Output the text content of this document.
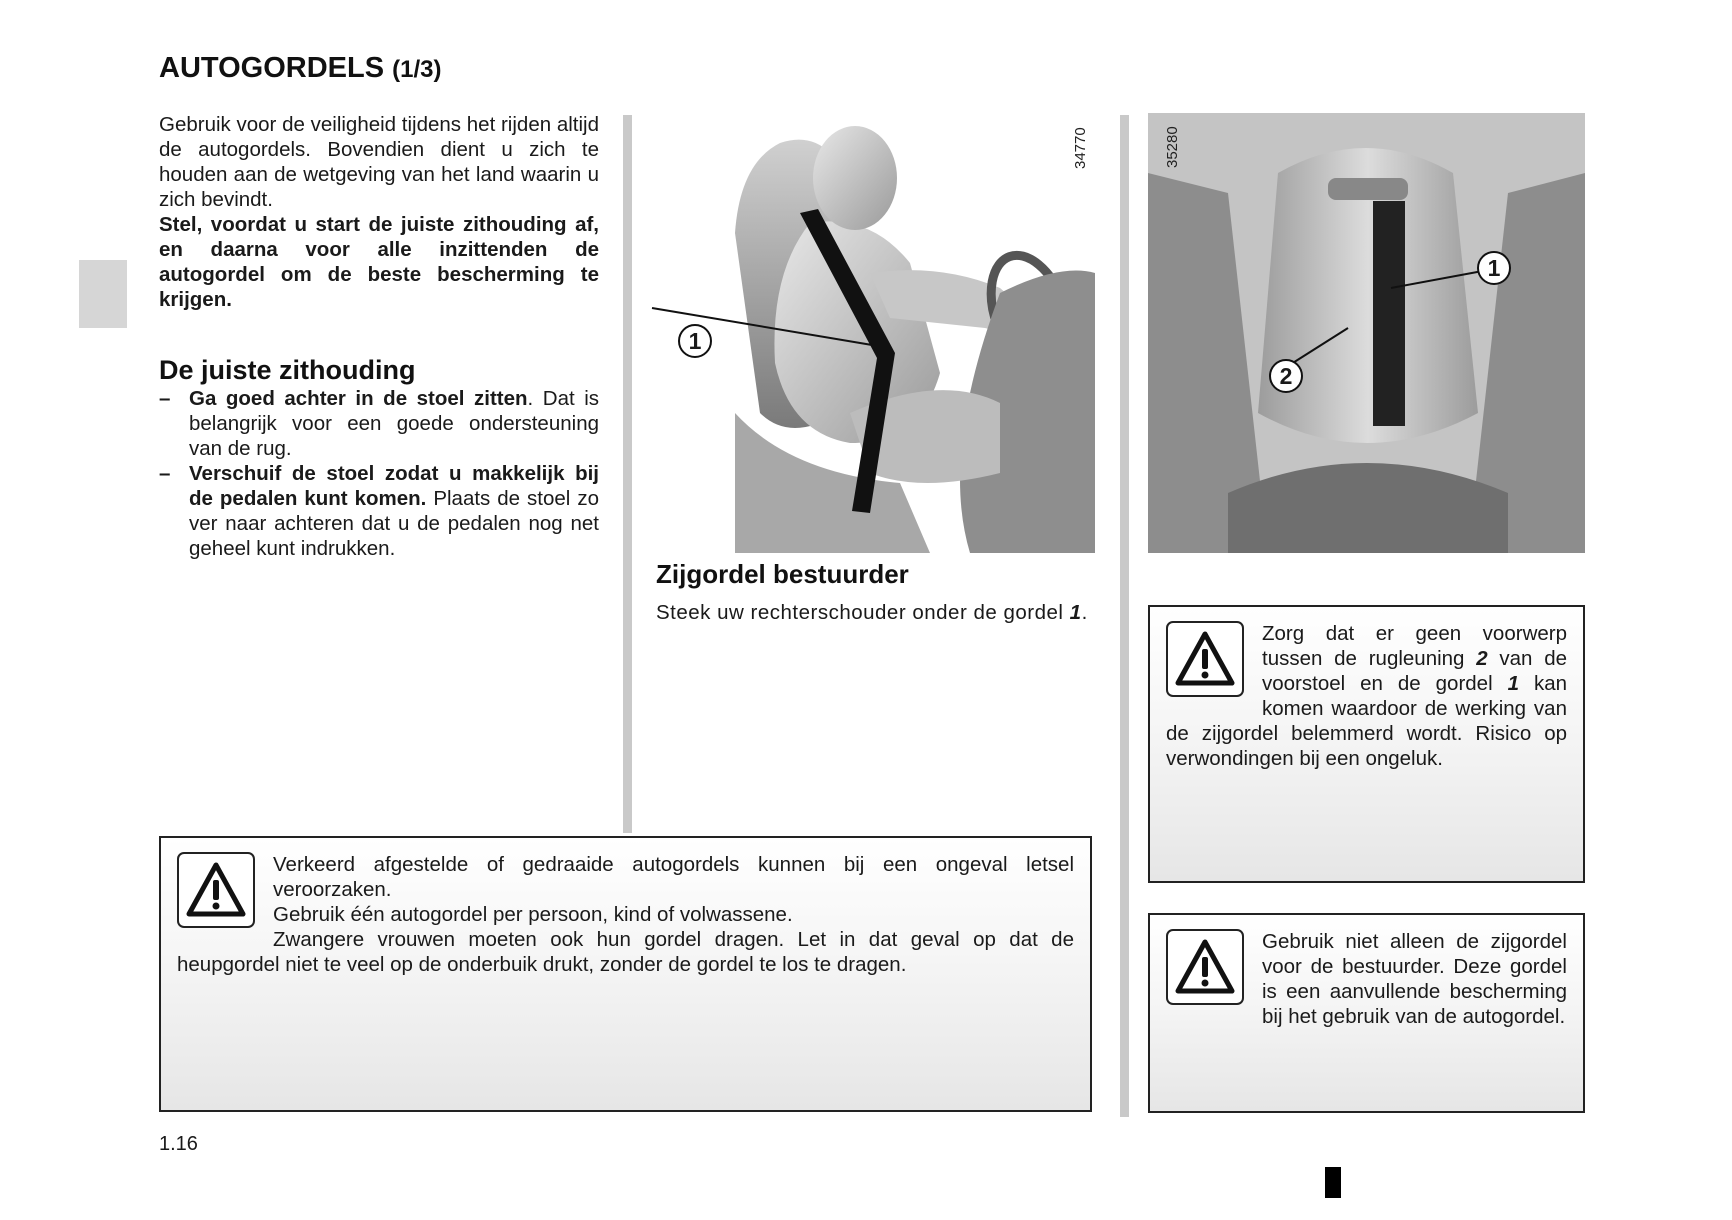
AUTOGORDELS (1/3)

Gebruik voor de veiligheid tijdens het rijden altijd de autogordels. Bovendien dient u zich te houden aan de wetgeving van het land waarin u zich bevindt.

Stel, voordat u start de juiste zithouding af, en daarna voor alle inzittenden de autogordel om de beste bescherming te krijgen.

De juiste zithouding
– Ga goed achter in de stoel zitten. Dat is belangrijk voor een goede ondersteuning van de rug.
– Verschuif de stoel zodat u makkelijk bij de pedalen kunt komen. Plaats de stoel zo ver naar achteren dat u de pedalen nog net geheel kunt indrukken.
34770
1
35280
1
2
Zijgordel bestuurder
Steek uw rechterschouder onder de gordel 1.

Verkeerd afgestelde of gedraaide autogordels kunnen bij een ongeval letsel veroorzaken.

Gebruik één autogordel per persoon, kind of volwassene.

Zwangere vrouwen moeten ook hun gordel dragen. Let in dat geval op dat de heupgordel niet te veel op de onderbuik drukt, zonder de gordel te los te dragen.

Zorg dat er geen voorwerp tussen de rugleuning 2 van de voorstoel en de gordel 1 kan komen waardoor de werking van de zijgordel belemmerd wordt. Risico op verwondingen bij een ongeluk.

Gebruik niet alleen de zijgordel voor de bestuurder. Deze gordel is een aanvullende bescherming bij het gebruik van de autogordel.

1.16
